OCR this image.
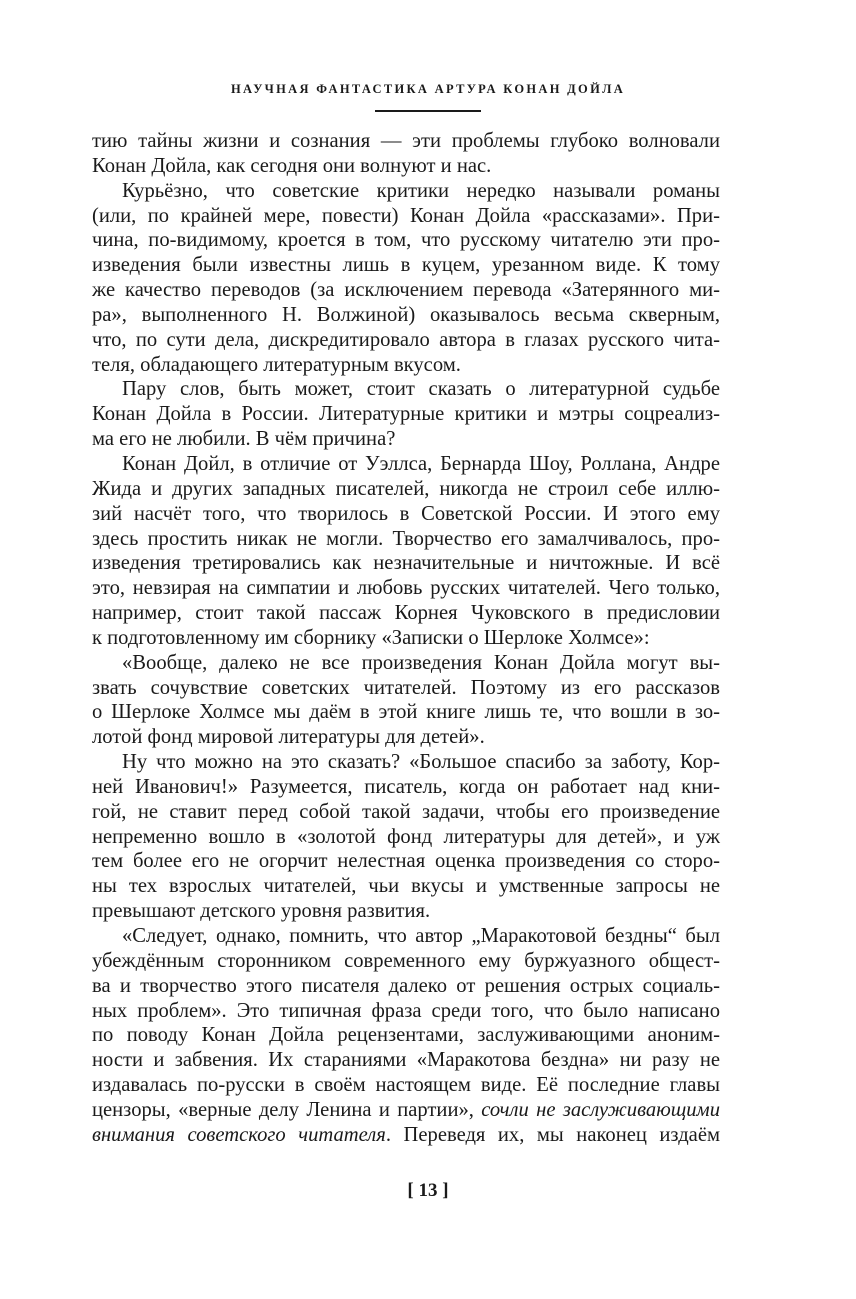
НАУЧНАЯ ФАНТАСТИКА АРТУРА КОНАН ДОЙЛА

тию тайны жизни и сознания — эти проблемы глубоко волновали

Конан Дойла, как сегодня они волнуют и нас.

Курьёзно, что советские критики нередко называли романы

(или, по крайней мере, повести) Конан Дойла «рассказами». При-

чина, по-видимому, кроется в том, что русскому читателю эти про-

изведения были известны лишь в куцем, урезанном виде. К тому

же качество переводов (за исключением перевода «Затерянного ми-

ра», выполненного Н. Волжиной) оказывалось весьма скверным,

что, по сути дела, дискредитировало автора в глазах русского чита-

теля, обладающего литературным вкусом.

Пару слов, быть может, стоит сказать о литературной судьбе

Конан Дойла в России. Литературные критики и мэтры соцреализ-

ма его не любили. В чём причина?

Конан Дойл, в отличие от Уэллса, Бернарда Шоу, Роллана, Андре

Жида и других западных писателей, никогда не строил себе иллю-

зий насчёт того, что творилось в Советской России. И этого ему

здесь простить никак не могли. Творчество его замалчивалось, про-

изведения третировались как незначительные и ничтожные. И всё

это, невзирая на симпатии и любовь русских читателей. Чего только,

например, стоит такой пассаж Корнея Чуковского в предисловии

к подготовленному им сборнику «Записки о Шерлоке Холмсе»:

«Вообще, далеко не все произведения Конан Дойла могут вы-

звать сочувствие советских читателей. Поэтому из его рассказов

о Шерлоке Холмсе мы даём в этой книге лишь те, что вошли в зо-

лотой фонд мировой литературы для детей».

Ну что можно на это сказать? «Большое спасибо за заботу, Кор-

ней Иванович!» Разумеется, писатель, когда он работает над кни-

гой, не ставит перед собой такой задачи, чтобы его произведение

непременно вошло в «золотой фонд литературы для детей», и уж

тем более его не огорчит нелестная оценка произведения со сторо-

ны тех взрослых читателей, чьи вкусы и умственные запросы не

превышают детского уровня развития.

«Следует, однако, помнить, что автор „Маракотовой бездны“ был

убеждённым сторонником современного ему буржуазного общест-

ва и творчество этого писателя далеко от решения острых социаль-

ных проблем». Это типичная фраза среди того, что было написано

по поводу Конан Дойла рецензентами, заслуживающими аноним-

ности и забвения. Их стараниями «Маракотова бездна» ни разу не

издавалась по-русски в своём настоящем виде. Её последние главы

цензоры, «верные делу Ленина и партии», сочли не заслуживающими

внимания советского читателя. Переведя их, мы наконец издаём

[ 13 ]
